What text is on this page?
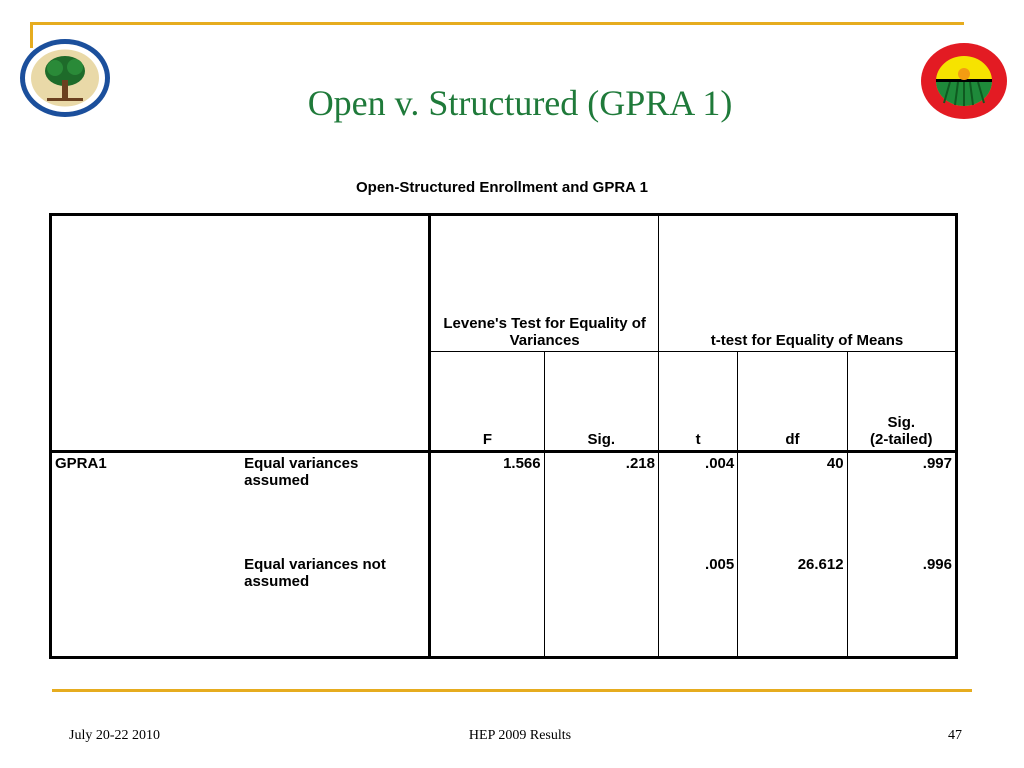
Open v. Structured (GPRA 1)
Open-Structured Enrollment and GPRA 1
		Levene's Test for Equality of Variances		t-test for Equality of Means		
		F	Sig.	t	df	Sig.
(2-tailed)
GPRA1	Equal variances assumed	1.566	.218	.004	40	.997
	Equal variances not assumed			.005	26.612	.996
July 20-22 2010	HEP 2009 Results	47
